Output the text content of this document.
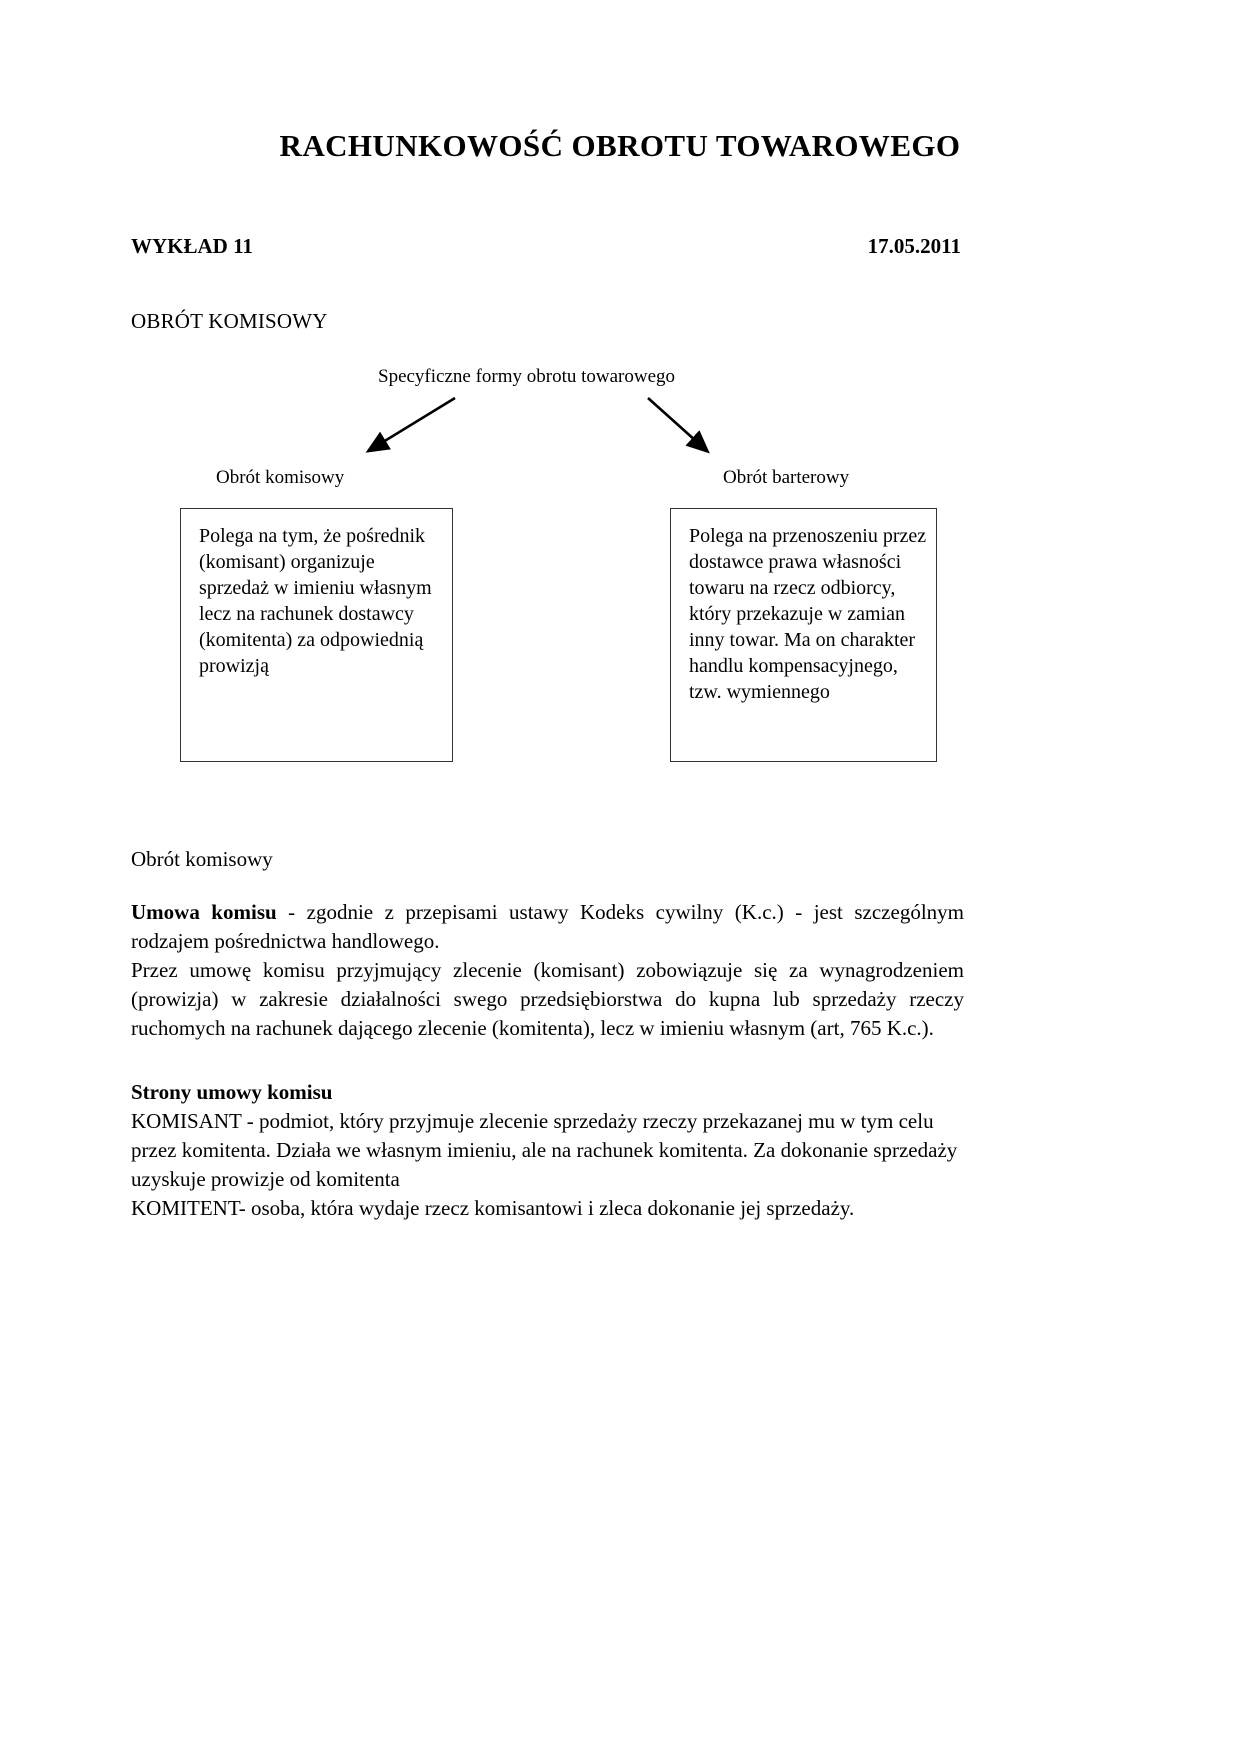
RACHUNKOWOŚĆ OBROTU TOWAROWEGO
WYKŁAD 11	17.05.2011
OBRÓT KOMISOWY
Specyficzne formy obrotu towarowego
Obrót komisowy	Obrót barterowy
Polega na tym, że pośrednik (komisant) organizuje sprzedaż w imieniu własnym lecz na rachunek dostawcy (komitenta) za odpowiednią prowizją
Polega na przenoszeniu przez dostawce prawa własności towaru na rzecz odbiorcy, który przekazuje w zamian inny towar. Ma on charakter handlu kompensacyjnego, tzw. wymiennego

Obrót komisowy

Umowa komisu - zgodnie z przepisami ustawy Kodeks cywilny (K.c.) - jest szczególnym rodzajem pośrednictwa handlowego.

Przez umowę komisu przyjmujący zlecenie (komisant) zobowiązuje się za wynagrodzeniem (prowizja) w zakresie działalności swego przedsiębiorstwa do kupna lub sprzedaży rzeczy ruchomych na rachunek dającego zlecenie (komitenta), lecz w imieniu własnym (art, 765 K.c.).

Strony umowy komisu

KOMISANT - podmiot, który przyjmuje zlecenie sprzedaży rzeczy przekazanej mu w tym celu przez komitenta. Działa we własnym imieniu, ale na rachunek komitenta. Za dokonanie sprzedaży uzyskuje prowizje od komitenta

KOMITENT- osoba, która wydaje rzecz komisantowi i zleca dokonanie jej sprzedaży.
